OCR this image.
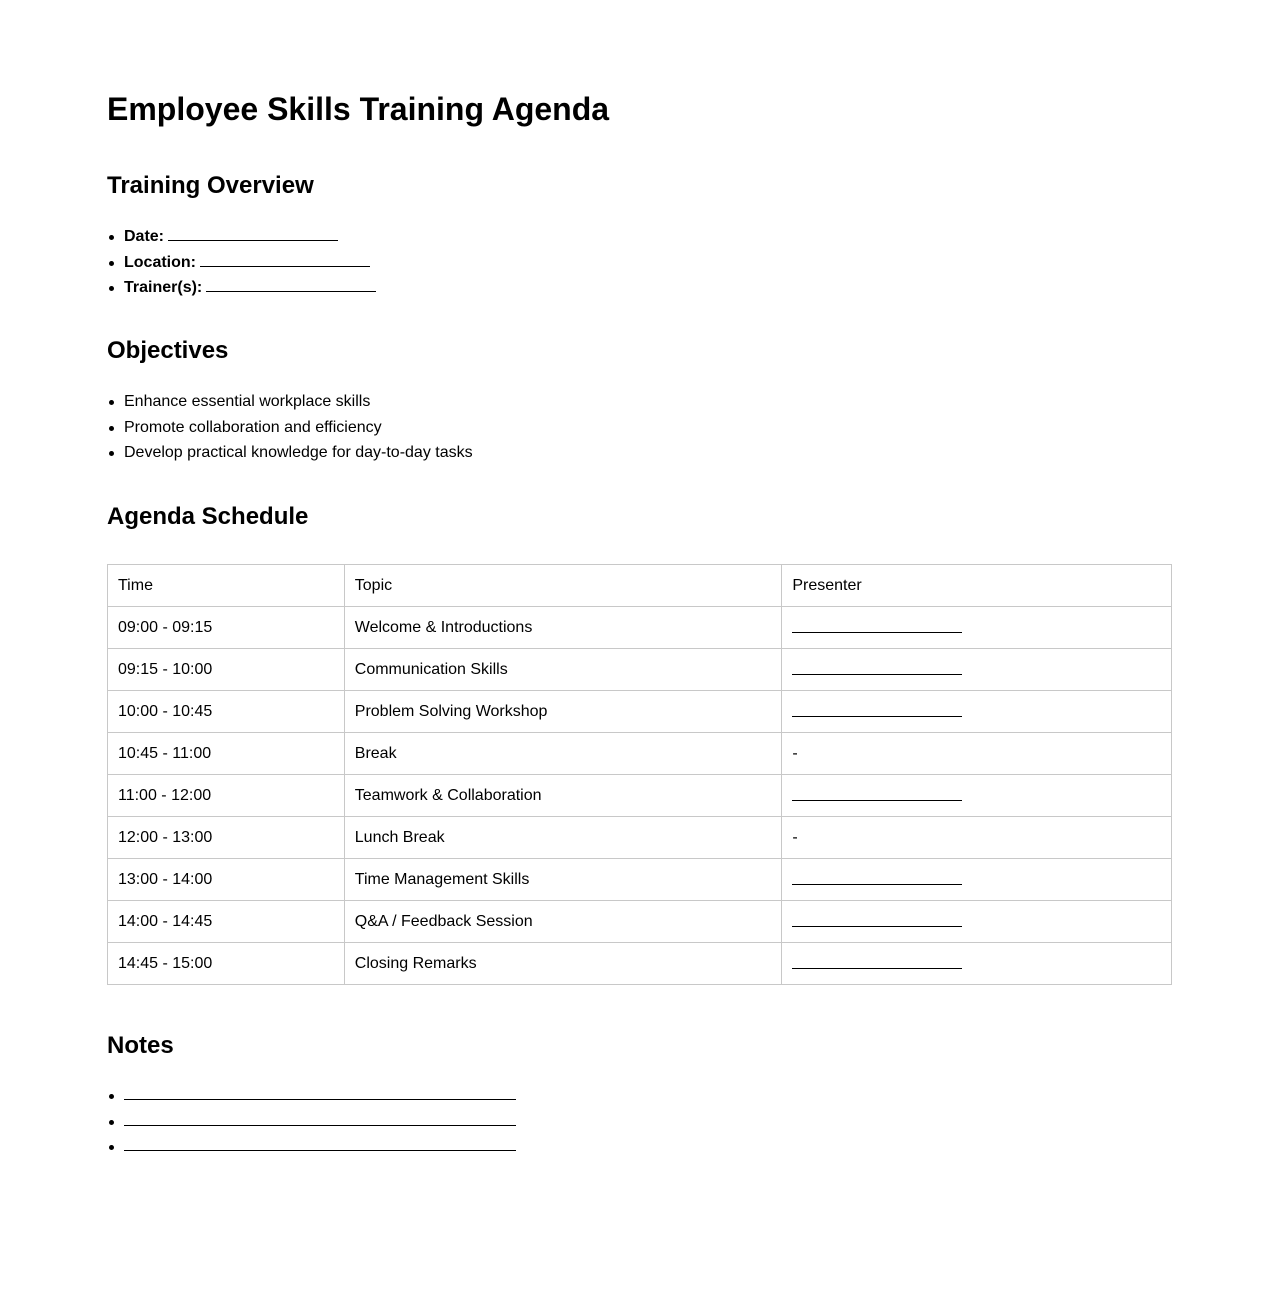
Employee Skills Training Agenda
Training Overview
Date:
Location:
Trainer(s):
Objectives
Enhance essential workplace skills
Promote collaboration and efficiency
Develop practical knowledge for day-to-day tasks
Agenda Schedule
Time	Topic	Presenter
09:00 - 09:15	Welcome & Introductions	
09:15 - 10:00	Communication Skills	
10:00 - 10:45	Problem Solving Workshop	
10:45 - 11:00	Break	-
11:00 - 12:00	Teamwork & Collaboration	
12:00 - 13:00	Lunch Break	-
13:00 - 14:00	Time Management Skills	
14:00 - 14:45	Q&A / Feedback Session	
14:45 - 15:00	Closing Remarks	
Notes
